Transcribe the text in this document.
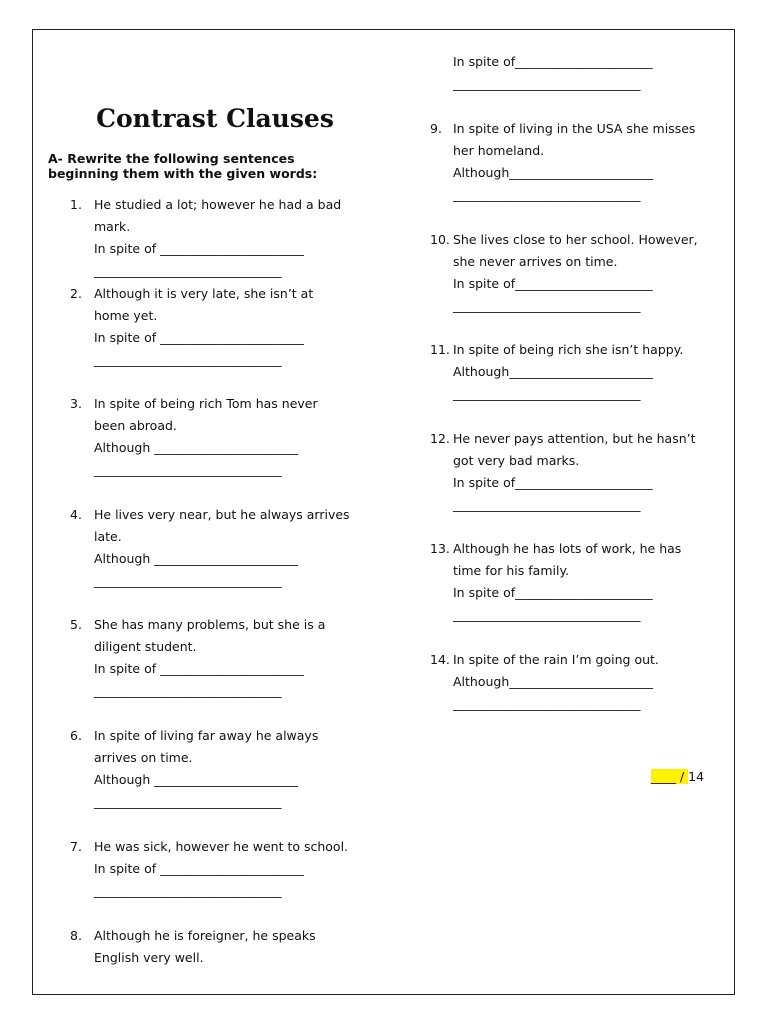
Contrast Clauses
A- Rewrite the following sentences
beginning them with the given words:
1. He studied a lot; however he had a bad
mark.
In spite of _______________________
______________________________
2. Although it is very late, she isn’t at
home yet.
In spite of _______________________
______________________________
3. In spite of being rich Tom has never
been abroad.
Although _______________________
______________________________
4. He lives very near, but he always arrives
late.
Although _______________________
______________________________
5. She has many problems, but she is a
diligent student.
In spite of _______________________
______________________________
6. In spite of living far away he always
arrives on time.
Although _______________________
______________________________
7. He was sick, however he went to school.
In spite of _______________________
______________________________
8. Although he is foreigner, he speaks
English very well.
In spite of______________________
______________________________
9. In spite of living in the USA she misses
her homeland.
Although_______________________
______________________________
10. She lives close to her school. However,
she never arrives on time.
In spite of______________________
______________________________
11. In spite of being rich she isn’t happy.
Although_______________________
______________________________
12. He never pays attention, but he hasn’t
got very bad marks.
In spite of______________________
______________________________
13. Although he has lots of work, he has
time for his family.
In spite of______________________
______________________________
14. In spite of the rain I’m going out.
Although_______________________
______________________________
____ / 14
